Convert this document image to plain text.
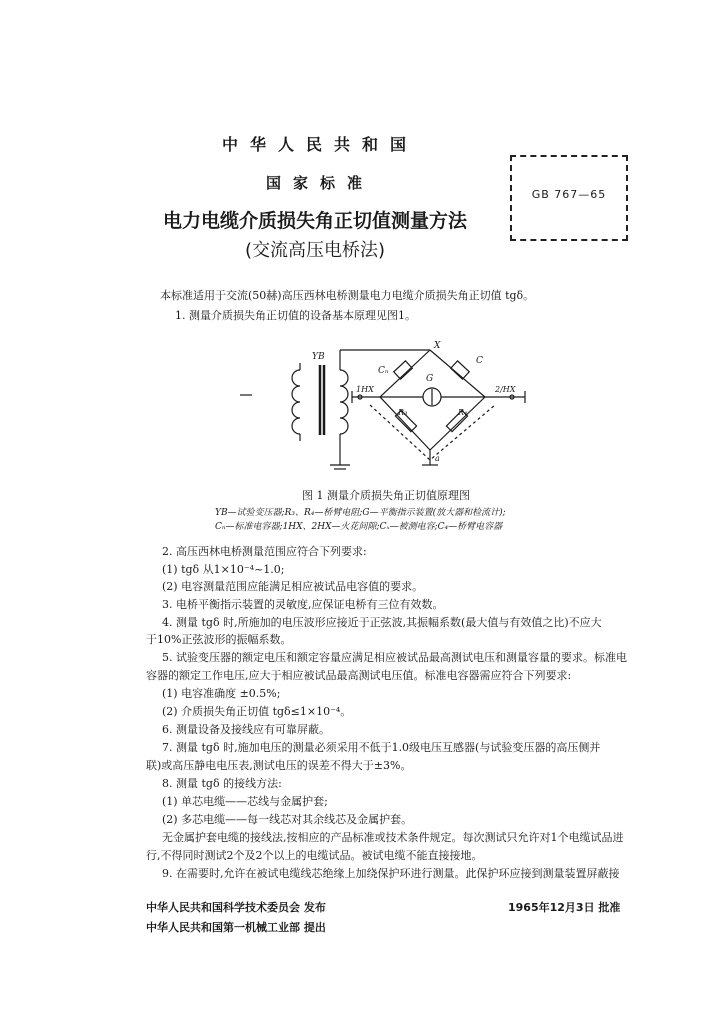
中华人民共和国
国家标准
电力电缆介质损失角正切值测量方法
(交流高压电桥法)
GB 767—65
本标准适用于交流(50赫)高压西林电桥测量电力电缆介质损失角正切值 tgδ。
1. 测量介质损失角正切值的设备基本原理见图1。
YB
X
Cₙ
C
G
1HX	2/HX
R₃	R₄
a
图 1 测量介质损失角正切值原理图
YB—试验变压器;R₃、R₄—桥臂电阻;G—平衡指示装置(放大器和检流计);
Cₙ—标准电容器;1HX、2HX—火花间隙;Cₓ—被测电容;C₄—桥臂电容器
2. 高压西林电桥测量范围应符合下列要求:
(1) tgδ 从1×10⁻⁴~1.0;
(2) 电容测量范围应能满足相应被试品电容值的要求。
3. 电桥平衡指示装置的灵敏度,应保证电桥有三位有效数。
4. 测量 tgδ 时,所施加的电压波形应接近于正弦波,其振幅系数(最大值与有效值之比)不应大
于10%正弦波形的振幅系数。
5. 试验变压器的额定电压和额定容量应满足相应被试品最高测试电压和测量容量的要求。标准电
容器的额定工作电压,应大于相应被试品最高测试电压值。标准电容器需应符合下列要求:
(1) 电容准确度 ±0.5%;
(2) 介质损失角正切值 tgδ≤1×10⁻⁴。
6. 测量设备及接线应有可靠屏蔽。
7. 测量 tgδ 时,施加电压的测量必须采用不低于1.0级电压互感器(与试验变压器的高压侧并
联)或高压静电电压表,测试电压的误差不得大于±3%。
8. 测量 tgδ 的接线方法:
(1) 单芯电缆——芯线与金属护套;
(2) 多芯电缆——每一线芯对其余线芯及金属护套。
无金属护套电缆的接线法,按相应的产品标准或技术条件规定。每次测试只允许对1个电缆试品进
行,不得同时测试2个及2个以上的电缆试品。被试电缆不能直接接地。
9. 在需要时,允许在被试电缆线芯绝缘上加绕保护环进行测量。此保护环应接到测量装置屏蔽接
中华人民共和国科学技术委员会 发布	1965年12月3日 批准
中华人民共和国第一机械工业部 提出
